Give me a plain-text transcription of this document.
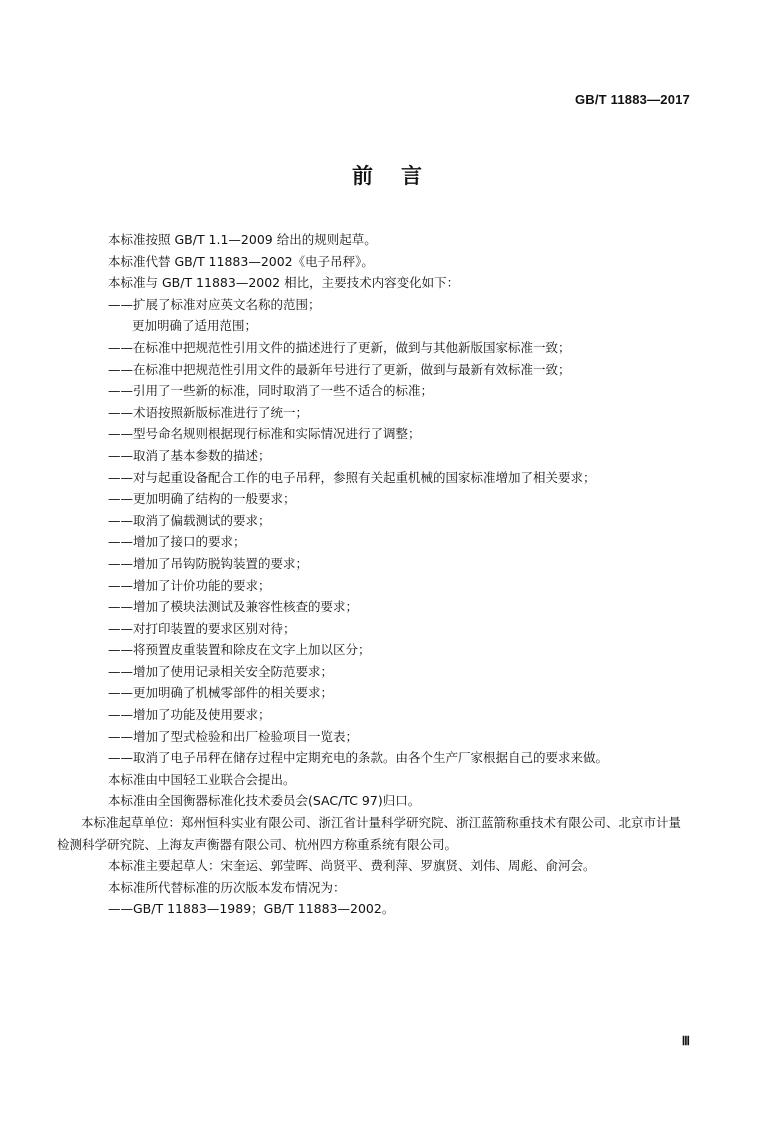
GB/T 11883—2017
前言

本标准按照 GB/T 1.1—2009 给出的规则起草。

本标准代替 GB/T 11883—2002《电子吊秤》。

本标准与 GB/T 11883—2002 相比，主要技术内容变化如下：

——扩展了标准对应英文名称的范围；

更加明确了适用范围；

——在标准中把规范性引用文件的描述进行了更新，做到与其他新版国家标准一致；

——在标准中把规范性引用文件的最新年号进行了更新，做到与最新有效标准一致；

——引用了一些新的标准，同时取消了一些不适合的标准；

——术语按照新版标准进行了统一；

——型号命名规则根据现行标准和实际情况进行了调整；

——取消了基本参数的描述；

——对与起重设备配合工作的电子吊秤，参照有关起重机械的国家标准增加了相关要求；

——更加明确了结构的一般要求；

——取消了偏载测试的要求；

——增加了接口的要求；

——增加了吊钩防脱钩装置的要求；

——增加了计价功能的要求；

——增加了模块法测试及兼容性核查的要求；

——对打印装置的要求区别对待；

——将预置皮重装置和除皮在文字上加以区分；

——增加了使用记录相关安全防范要求；

——更加明确了机械零部件的相关要求；

——增加了功能及使用要求；

——增加了型式检验和出厂检验项目一览表；

——取消了电子吊秤在储存过程中定期充电的条款。由各个生产厂家根据自己的要求来做。

本标准由中国轻工业联合会提出。

本标准由全国衡器标准化技术委员会(SAC/TC 97)归口。

本标准起草单位：郑州恒科实业有限公司、浙江省计量科学研究院、浙江蓝箭称重技术有限公司、北京市计量检测科学研究院、上海友声衡器有限公司、杭州四方称重系统有限公司。

本标准主要起草人：宋奎运、郭莹晖、尚贤平、费利萍、罗旗贤、刘伟、周彪、俞河会。

本标准所代替标准的历次版本发布情况为：

——GB/T 11883—1989；GB/T 11883—2002。

Ⅲ
